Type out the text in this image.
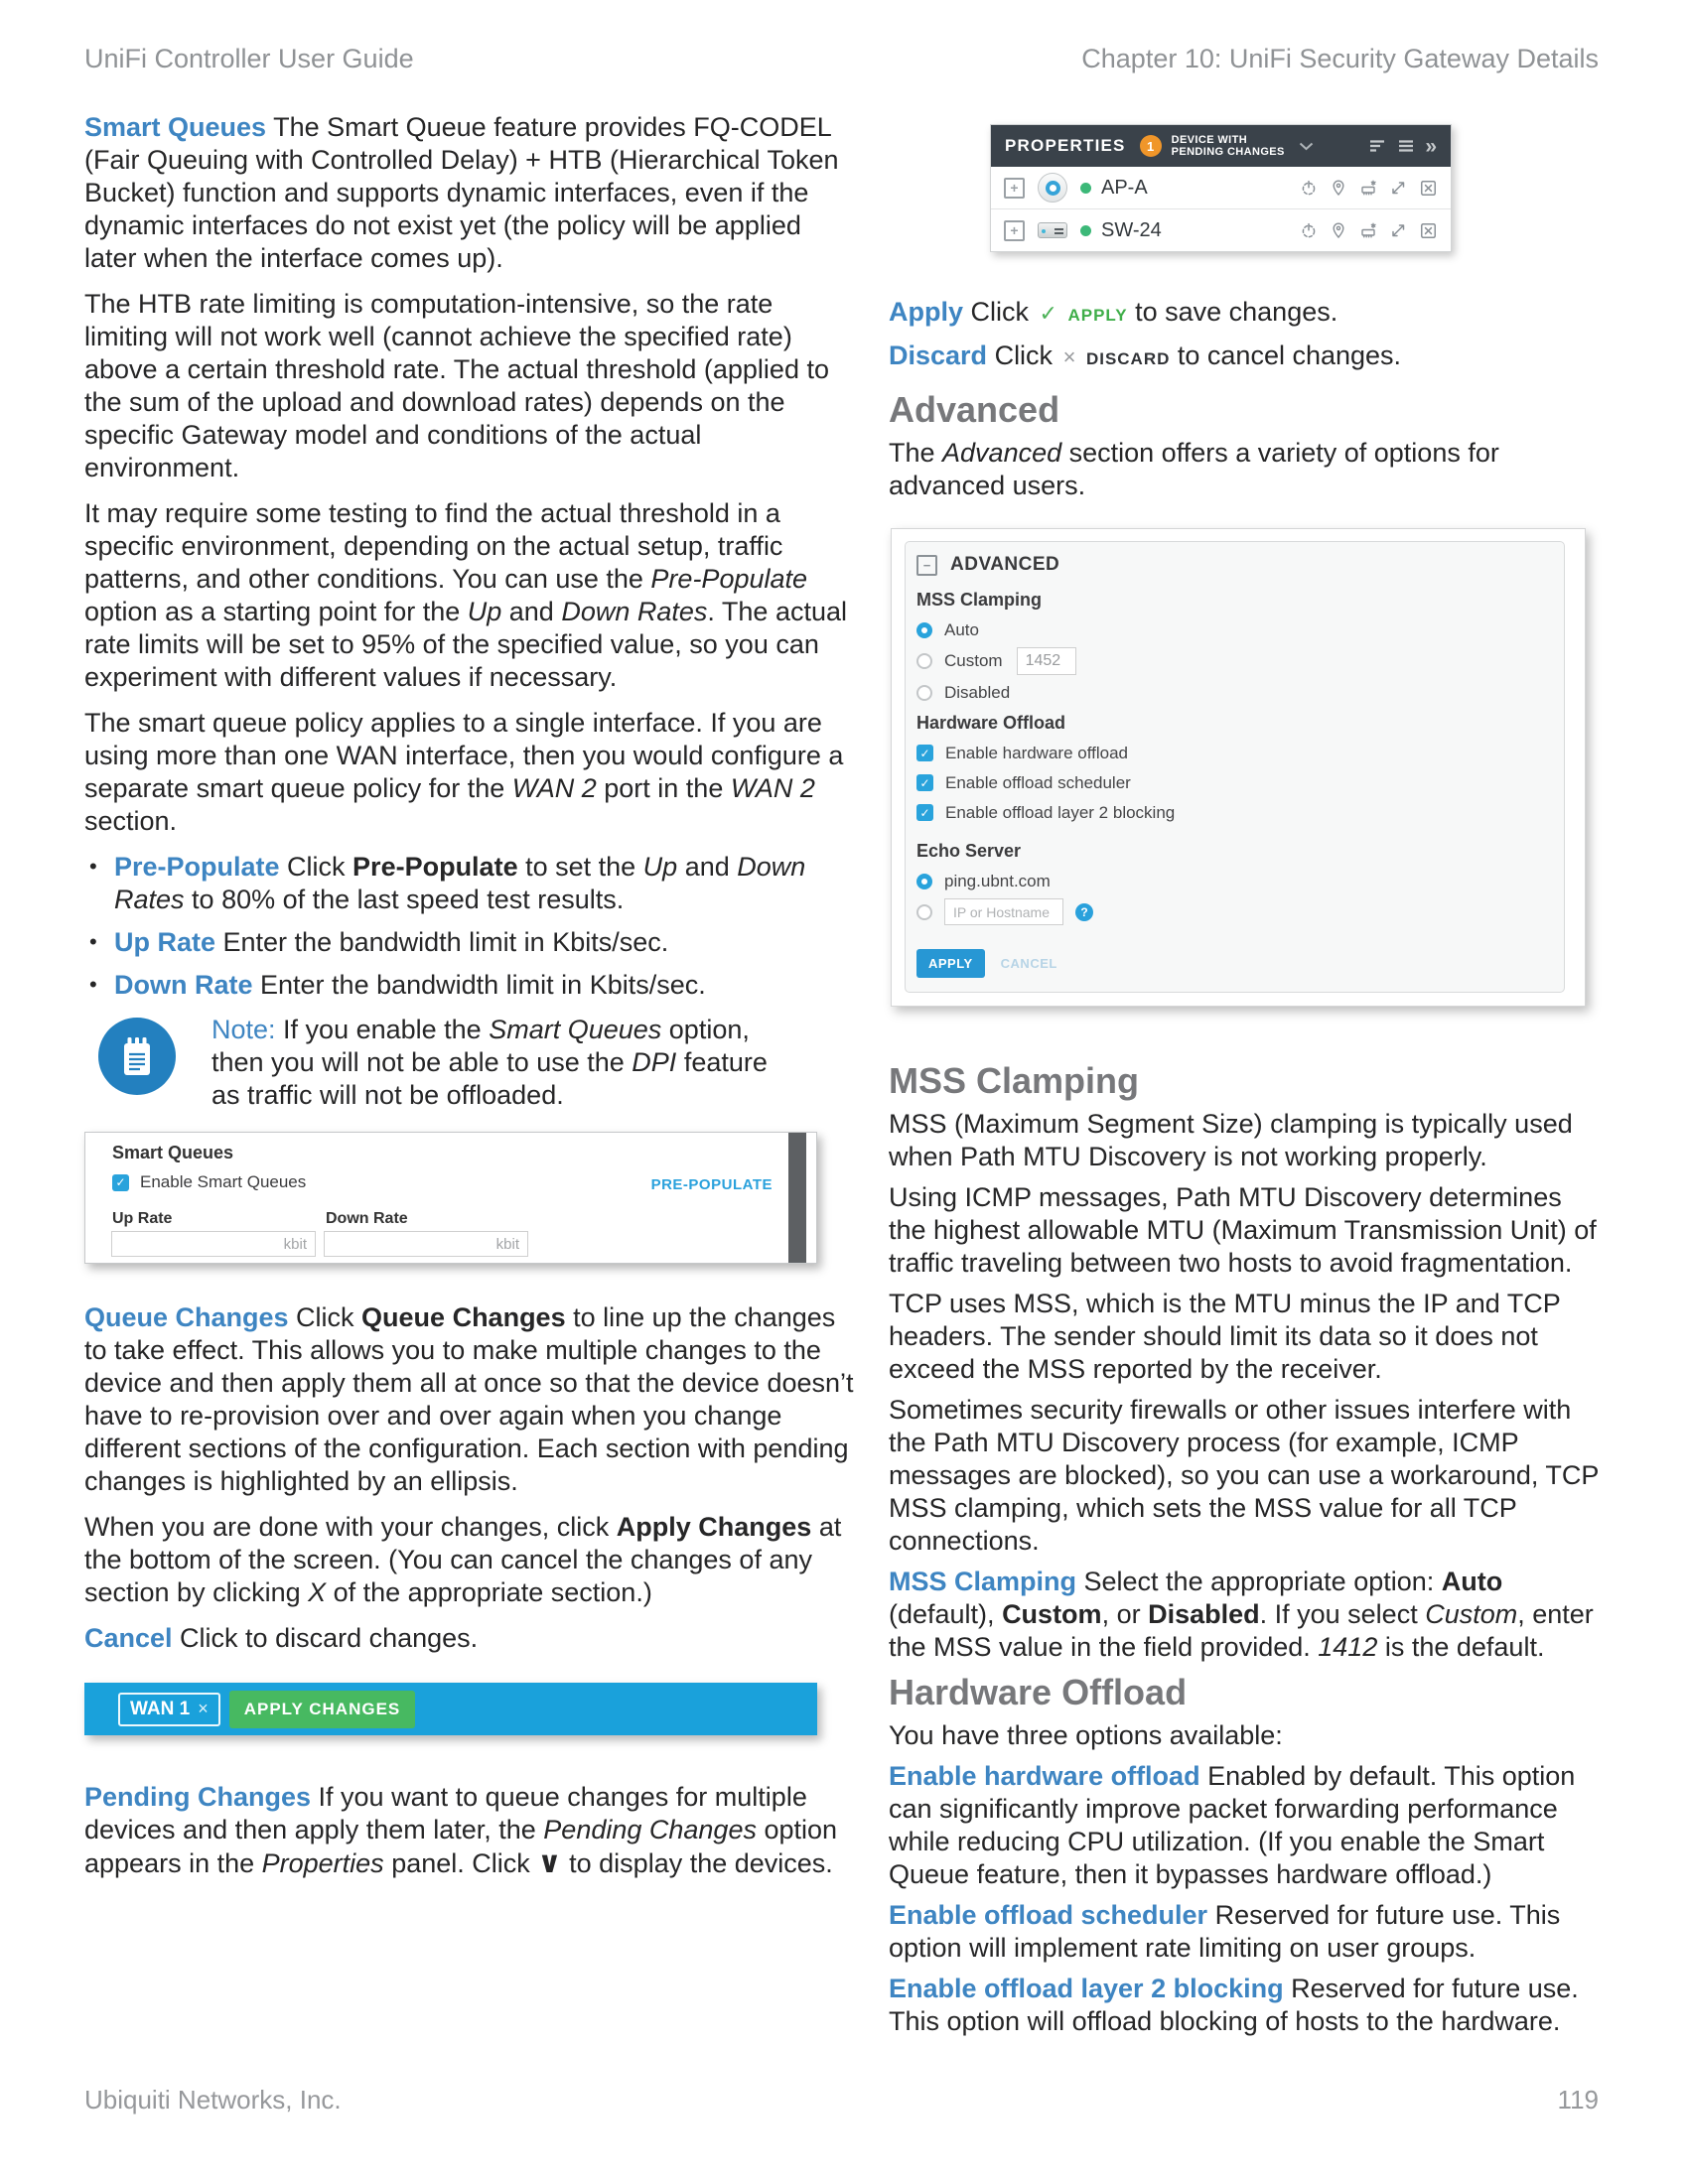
UniFi Controller User Guide	Chapter 10: UniFi Security Gateway Details

Smart Queues The Smart Queue feature provides FQ-CODEL (Fair Queuing with Controlled Delay) + HTB (Hierarchical Token Bucket) function and supports dynamic interfaces, even if the dynamic interfaces do not exist yet (the policy will be applied later when the interface comes up).

The HTB rate limiting is computation-intensive, so the rate limiting will not work well (cannot achieve the specified rate) above a certain threshold rate. The actual threshold (applied to the sum of the upload and download rates) depends on the specific Gateway model and conditions of the actual environment.

It may require some testing to find the actual threshold in a specific environment, depending on the actual setup, traffic patterns, and other conditions. You can use the Pre-Populate option as a starting point for the Up and Down Rates. The actual rate limits will be set to 95% of the specified value, so you can experiment with different values if necessary.

The smart queue policy applies to a single interface. If you are using more than one WAN interface, then you would configure a separate smart queue policy for the WAN 2 port in the WAN 2 section.

• Pre-Populate Click Pre-Populate to set the Up and Down Rates to 80% of the last speed test results.
• Up Rate Enter the bandwidth limit in Kbits/sec.
• Down Rate Enter the bandwidth limit in Kbits/sec.
Note: If you enable the Smart Queues option, then you will not be able to use the DPI feature as traffic will not be offloaded.
Smart Queues
✓ Enable Smart Queues	PRE-POPULATE
Up Rate	Down Rate
kbit
kbit

Queue Changes Click Queue Changes to line up the changes to take effect. This allows you to make multiple changes to the device and then apply them all at once so that the device doesn’t have to re-provision over and over again when you change different sections of the configuration. Each section with pending changes is highlighted by an ellipsis.

When you are done with your changes, click Apply Changes at the bottom of the screen. (You can cancel the changes of any section by clicking X of the appropriate section.)

Cancel Click to discard changes.

WAN 1 ×	APPLY CHANGES

Pending Changes If you want to queue changes for multiple devices and then apply them later, the Pending Changes option appears in the Properties panel. Click ∨ to display the devices.

PROPERTIES	1	DEVICE WITH
PENDING CHANGES	»
+	AP-A
+	SW-24

Apply Click ✓ APPLY to save changes.

Discard Click × DISCARD to cancel changes.

Advanced

The Advanced section offers a variety of options for advanced users.

−	ADVANCED
MSS Clamping
Auto
Custom
1452
Disabled
Hardware Offload
✓ Enable hardware offload
✓ Enable offload scheduler
✓ Enable offload layer 2 blocking
Echo Server
ping.ubnt.com
IP or Hostname
?
APPLY	CANCEL
MSS Clamping

MSS (Maximum Segment Size) clamping is typically used when Path MTU Discovery is not working properly.

Using ICMP messages, Path MTU Discovery determines the highest allowable MTU (Maximum Transmission Unit) of traffic traveling between two hosts to avoid fragmentation.

TCP uses MSS, which is the MTU minus the IP and TCP headers. The sender should limit its data so it does not exceed the MSS reported by the receiver.

Sometimes security firewalls or other issues interfere with the Path MTU Discovery process (for example, ICMP messages are blocked), so you can use a workaround, TCP MSS clamping, which sets the MSS value for all TCP connections.

MSS Clamping Select the appropriate option: Auto (default), Custom, or Disabled. If you select Custom, enter the MSS value in the field provided. 1412 is the default.

Hardware Offload

You have three options available:

Enable hardware offload Enabled by default. This option can significantly improve packet forwarding performance while reducing CPU utilization. (If you enable the Smart Queue feature, then it bypasses hardware offload.)

Enable offload scheduler Reserved for future use. This option will implement rate limiting on user groups.

Enable offload layer 2 blocking Reserved for future use. This option will offload blocking of hosts to the hardware.

Ubiquiti Networks, Inc.	119
